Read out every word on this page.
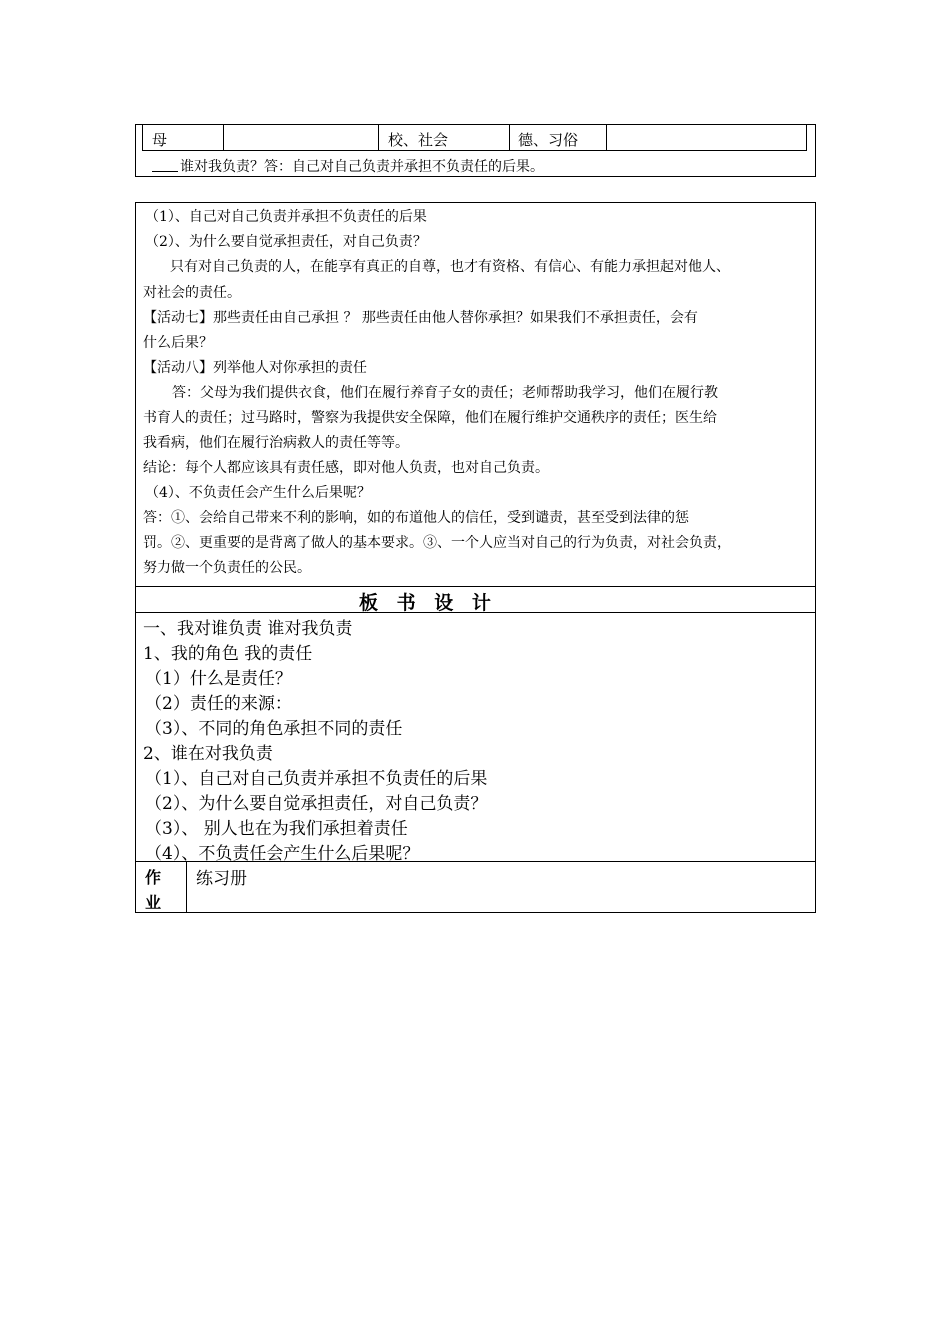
母	校、社会	德、习俗
谁对我负责？答：自己对自己负责并承担不负责任的后果。
（1）、自己对自己负责并承担不负责任的后果
（2）、为什么要自觉承担责任，对自己负责？
只有对自己负责的人，在能享有真正的自尊，也才有资格、有信心、有能力承担起对他人、
对社会的责任。
【活动七】那些责任由自己承担 ？ 那些责任由他人替你承担？如果我们不承担责任，会有
什么后果？
【活动八】列举他人对你承担的责任
答：父母为我们提供衣食，他们在履行养育子女的责任；老师帮助我学习，他们在履行教
书育人的责任；过马路时，警察为我提供安全保障，他们在履行维护交通秩序的责任；医生给
我看病，他们在履行治病救人的责任等等。
结论：每个人都应该具有责任感，即对他人负责，也对自己负责。
（4）、不负责任会产生什么后果呢？
答：①、会给自己带来不利的影响，如的布道他人的信任，受到谴责，甚至受到法律的惩
罚。②、更重要的是背离了做人的基本要求。③、一个人应当对自己的行为负责，对社会负责，
努力做一个负责任的公民。
板 书 设 计
一、我对谁负责 谁对我负责
1、我的角色 我的责任
（1）什么是责任？
（2）责任的来源：
（3）、不同的角色承担不同的责任
2、谁在对我负责
（1）、自己对自己负责并承担不负责任的后果
（2）、为什么要自觉承担责任，对自己负责？
（3）、 别人也在为我们承担着责任
（4）、不负责任会产生什么后果呢？
作
业
练习册
